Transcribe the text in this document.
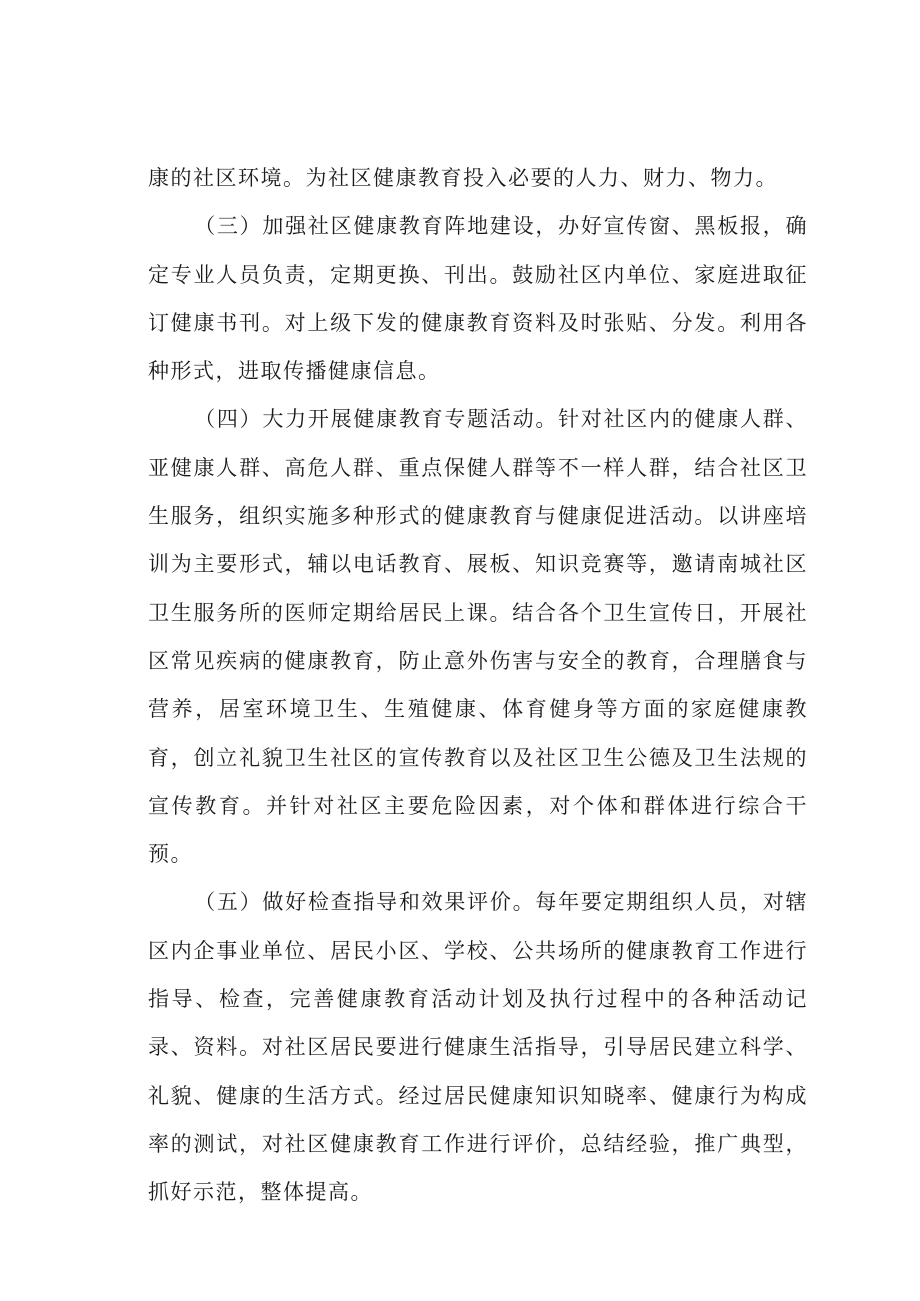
康的社区环境。为社区健康教育投入必要的人力、财力、物力。

（三）加强社区健康教育阵地建设，办好宣传窗、黑板报，确定专业人员负责，定期更换、刊出。鼓励社区内单位、家庭进取征订健康书刊。对上级下发的健康教育资料及时张贴、分发。利用各种形式，进取传播健康信息。

（四）大力开展健康教育专题活动。针对社区内的健康人群、亚健康人群、高危人群、重点保健人群等不一样人群，结合社区卫生服务，组织实施多种形式的健康教育与健康促进活动。以讲座培训为主要形式，辅以电话教育、展板、知识竞赛等，邀请南城社区卫生服务所的医师定期给居民上课。结合各个卫生宣传日，开展社区常见疾病的健康教育，防止意外伤害与安全的教育，合理膳食与营养，居室环境卫生、生殖健康、体育健身等方面的家庭健康教育，创立礼貌卫生社区的宣传教育以及社区卫生公德及卫生法规的宣传教育。并针对社区主要危险因素，对个体和群体进行综合干预。

（五）做好检查指导和效果评价。每年要定期组织人员，对辖区内企事业单位、居民小区、学校、公共场所的健康教育工作进行指导、检查，完善健康教育活动计划及执行过程中的各种活动记录、资料。对社区居民要进行健康生活指导，引导居民建立科学、礼貌、健康的生活方式。经过居民健康知识知晓率、健康行为构成率的测试，对社区健康教育工作进行评价，总结经验，推广典型，抓好示范，整体提高。
